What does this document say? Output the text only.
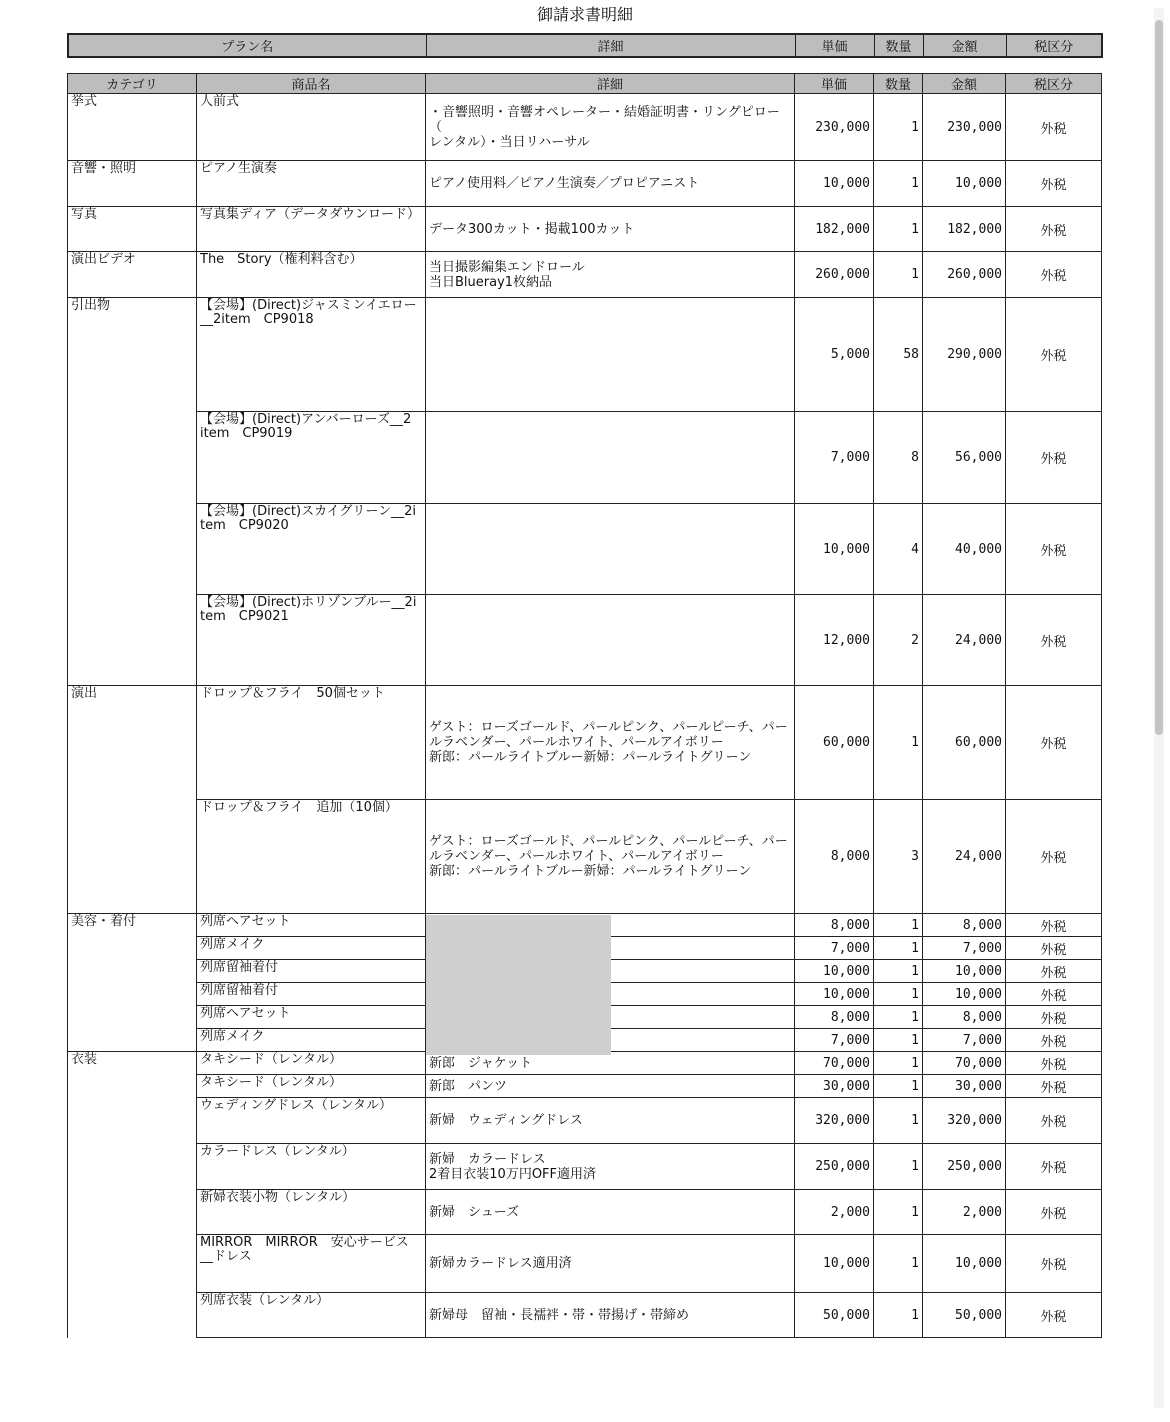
御請求書明細
プラン名	詳細	単価	数量	金額	税区分
カテゴリ	商品名	詳細	単価	数量	金額	税区分
挙式	人前式	・音響照明・音響オペレーター・結婚証明書・リングピロー（
レンタル）・当日リハーサル	230,000	1	230,000	外税
音響・照明	ピアノ生演奏	ピアノ使用料／ピアノ生演奏／プロピアニスト	10,000	1	10,000	外税
写真	写真集ディア（データダウンロード）	データ300カット・掲載100カット	182,000	1	182,000	外税
演出ビデオ	The　Story（権利料含む）	当日撮影編集エンドロール
当日Blueray1枚納品	260,000	1	260,000	外税
引出物	【会場】(Direct)ジャスミンイエロー
__2item　CP9018		5,000	58	290,000	外税
	【会場】(Direct)アンバーローズ__2
item　CP9019		7,000	8	56,000	外税
	【会場】(Direct)スカイグリーン__2i
tem　CP9020		10,000	4	40,000	外税
	【会場】(Direct)ホリゾンブルー__2i
tem　CP9021		12,000	2	24,000	外税
演出	ドロップ＆フライ　50個セット	ゲスト：ローズゴールド、パールピンク、パールピーチ、パー
ルラベンダー、パールホワイト、パールアイボリー
新郎：パールライトブルー新婦：パールライトグリーン	60,000	1	60,000	外税
	ドロップ＆フライ　追加（10個）	ゲスト：ローズゴールド、パールピンク、パールピーチ、パー
ルラベンダー、パールホワイト、パールアイボリー
新郎：パールライトブルー新婦：パールライトグリーン	8,000	3	24,000	外税
美容・着付	列席ヘアセット		8,000	1	8,000	外税
	列席メイク		7,000	1	7,000	外税
	列席留袖着付		10,000	1	10,000	外税
	列席留袖着付		10,000	1	10,000	外税
	列席ヘアセット		8,000	1	8,000	外税
	列席メイク		7,000	1	7,000	外税
衣装	タキシード（レンタル）	新郎　ジャケット	70,000	1	70,000	外税
	タキシード（レンタル）	新郎　パンツ	30,000	1	30,000	外税
	ウェディングドレス（レンタル）	新婦　ウェディングドレス	320,000	1	320,000	外税
	カラードレス（レンタル）	新婦　カラードレス
2着目衣装10万円OFF適用済	250,000	1	250,000	外税
	新婦衣装小物（レンタル）	新婦　シューズ	2,000	1	2,000	外税
	MIRROR　MIRROR　安心サービス
__ドレス	新婦カラードレス適用済	10,000	1	10,000	外税
	列席衣装（レンタル）	新婦母　留袖・長襦袢・帯・帯揚げ・帯締め	50,000	1	50,000	外税
